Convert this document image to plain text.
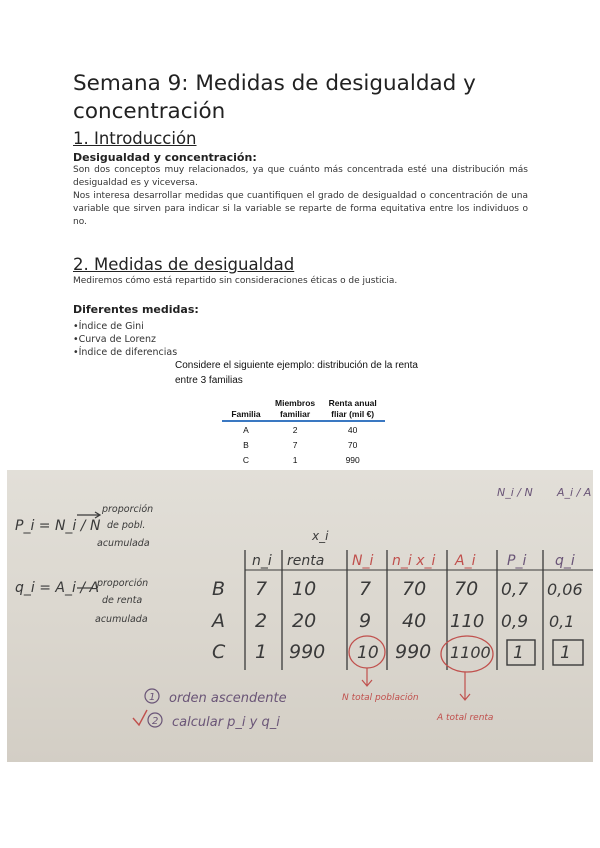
Semana 9: Medidas de desigualdad y concentración
1. Introducción
Desigualdad y concentración:

Son dos conceptos muy relacionados, ya que cuánto más concentrada esté una distribución más desigualdad es y viceversa.
Nos interesa desarrollar medidas que cuantifiquen el grado de desigualdad o concentración de una variable que sirven para indicar si la variable se reparte de forma equitativa entre los individuos o no.

2. Medidas de desigualdad

Mediremos cómo está repartido sin consideraciones éticas o de justicia.

Diferentes medidas:
• Índice de Gini
• Curva de Lorenz
• Índice de diferencias
Considere el siguiente ejemplo: distribución de la renta entre 3 familias
Familia	Miembros familiar	Renta anual fliar (mil €)
A	2	40
B	7	70
C	1	990
P_i = N_i / N
proporción
de pobl.
acumulada
q_i = A_i / A
proporción
de renta
acumulada
N_i / N A_i / A
x_i
n_i renta N_i n_i x_i A_i P_i q_i
B 7 10 7 70 70 0,7 0,06
A 2 20 9 40 110 0,9 0,1
C 1 990 10 990 1100 1 1
N total población
A total renta
1 orden ascendente
2 calcular p_i y q_i
